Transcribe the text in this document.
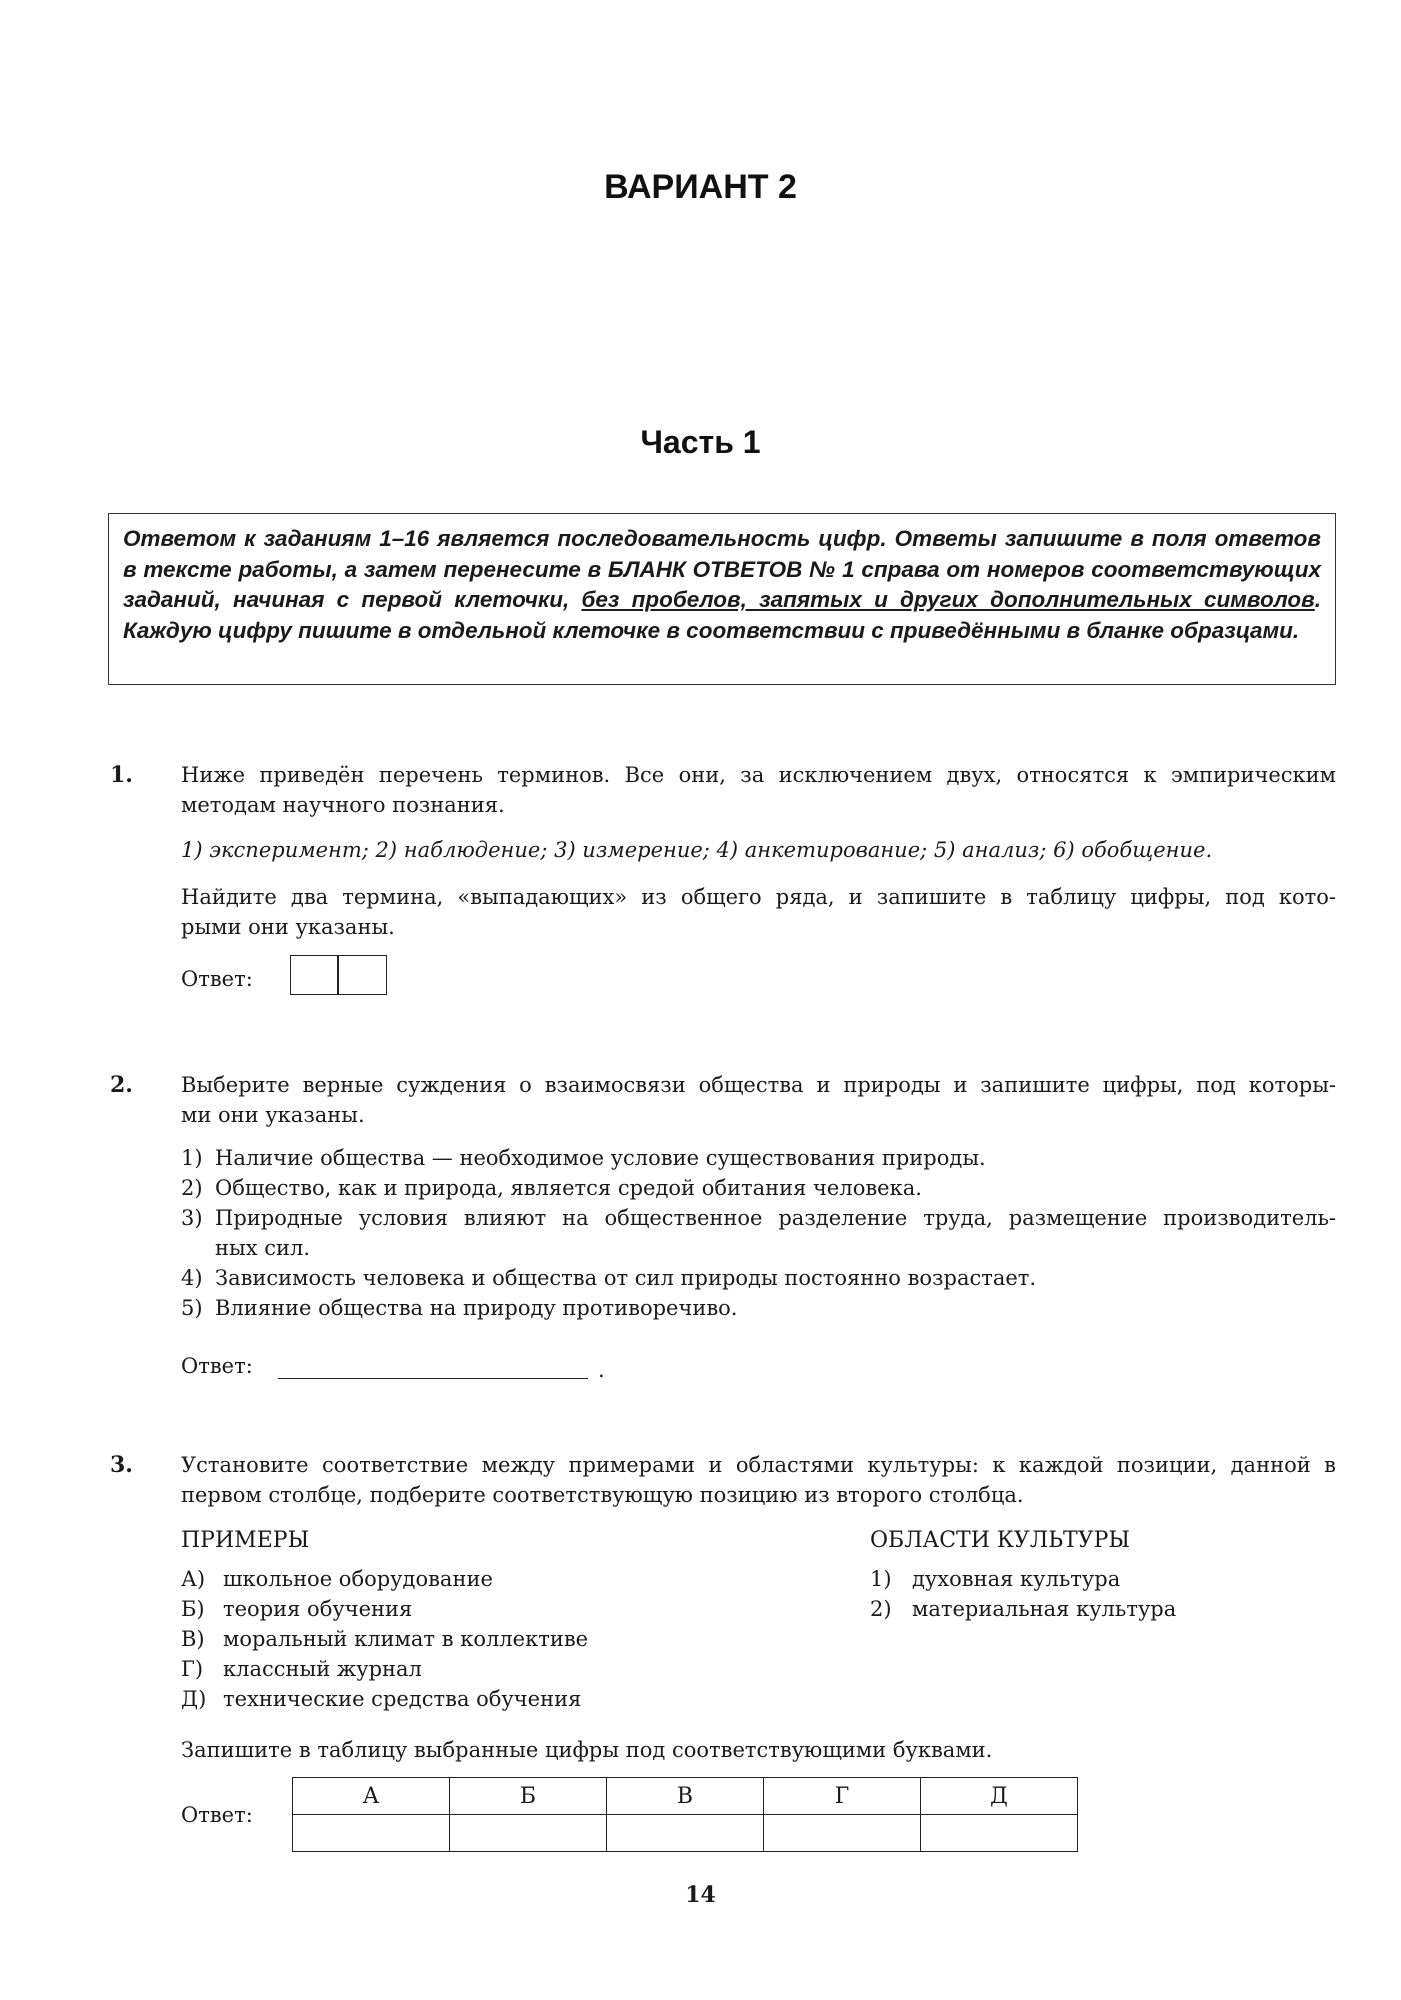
ВАРИАНТ 2
Часть 1
Ответом к заданиям 1–16 является последовательность цифр. Ответы запишите в поля ответов в тексте работы, а затем перенесите в БЛАНК ОТВЕТОВ № 1 справа от номеров соответствующих заданий, начиная с первой клеточки, без пробелов, запятых и других дополнительных символов. Каждую цифру пишите в отдельной клеточке в соответствии с приведёнными в бланке образцами.
1. Ниже приведён перечень терминов. Все они, за исключением двух, относятся к эмпирическим
методам научного познания.
1) эксперимент; 2) наблюдение; 3) измерение; 4) анкетирование; 5) анализ; 6) обобщение.
Найдите два термина, «выпадающих» из общего ряда, и запишите в таблицу цифры, под кото-
рыми они указаны.
Ответ:
2. Выберите верные суждения о взаимосвязи общества и природы и запишите цифры, под которы-
ми они указаны.
1) Наличие общества — необходимое условие существования природы.
2) Общество, как и природа, является средой обитания человека.
3) Природные условия влияют на общественное разделение труда, размещение производитель-
ных сил.
4) Зависимость человека и общества от сил природы постоянно возрастает.
5) Влияние общества на природу противоречиво.
Ответ:	.
3. Установите соответствие между примерами и областями культуры: к каждой позиции, данной в
первом столбце, подберите соответствующую позицию из второго столбца.
ПРИМЕРЫ	ОБЛАСТИ КУЛЬТУРЫ
А) школьное оборудование
Б) теория обучения
В) моральный климат в коллективе
Г) классный журнал
Д) технические средства обучения
1) духовная культура
2) материальная культура
Запишите в таблицу выбранные цифры под соответствующими буквами.
Ответ:
А	Б	В	Г	Д

14
